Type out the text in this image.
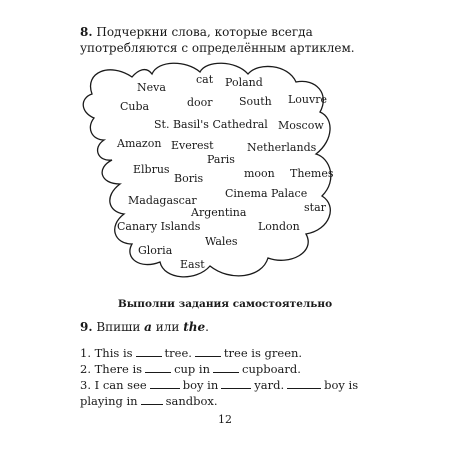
8. Подчеркни слова, которые всегда употребляются с определённым артиклем.
Neva
cat Poland
Cuba	door South Louvre
St. Basil's Cathedral Moscow
Amazon Everest	Netherlands
Paris
Elbrus
Boris	moon Themes
Cinema Palace
Madagascar
star
Argentina
Canary Islands	London
Gloria
Wales
East
Выполни задания самостоятельно
9. Впиши a или the.
1. This is	tree.	tree is green.
2. There is	cup in	cupboard.
3. I can see	boy in	yard.	boy is
playing in sandbox.
12
